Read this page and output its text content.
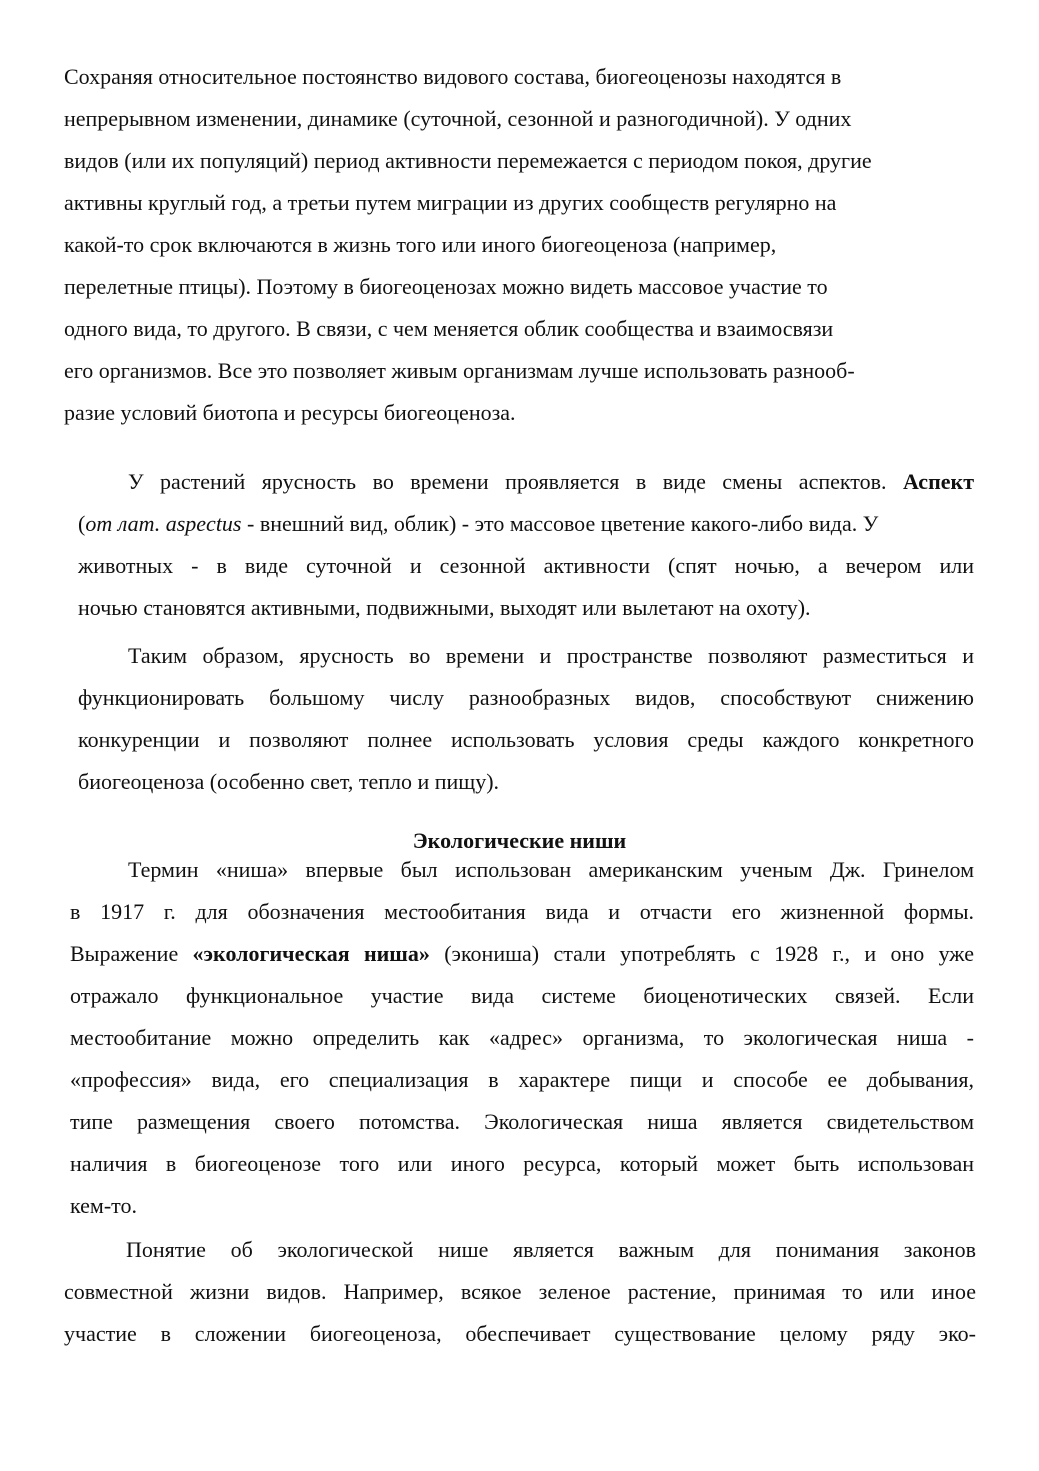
Сохраняя относительное постоянство видового состава, биогеоценозы находятся в
непрерывном изменении, динамике (суточной, сезонной и разногодичной). У одних
видов (или их популяций) период активности перемежается с периодом покоя, другие
активны круглый год, а третьи путем миграции из других сообществ регулярно на
какой-то срок включаются в жизнь того или иного биогеоценоза (например,
перелетные птицы). Поэтому в биогеоценозах можно видеть массовое участие то
одного вида, то другого. В связи, с чем меняется облик сообщества и взаимосвязи
его организмов. Все это позволяет живым организмам лучше использовать разнооб-
разие условий биотопа и ресурсы биогеоценоза.
У растений ярусность во времени проявляется в виде смены аспектов. Аспект
(от лат. aspectus - внешний вид, облик) - это массовое цветение какого-либо вида. У
животных - в виде суточной и сезонной активности (спят ночью, а вечером или
ночью становятся активными, подвижными, выходят или вылетают на охоту).
Таким образом, ярусность во времени и пространстве позволяют разместиться и
функционировать большому числу разнообразных видов, способствуют снижению
конкуренции и позволяют полнее использовать условия среды каждого конкретного
биогеоценоза (особенно свет, тепло и пищу).
Экологические ниши
Термин «ниша» впервые был использован американским ученым Дж. Гринелом
в 1917 г. для обозначения местообитания вида и отчасти его жизненной формы.
Выражение «экологическая ниша» (экониша) стали употреблять с 1928 г., и оно уже
отражало функциональное участие вида системе биоценотических связей. Если
местообитание можно определить как «адрес» организма, то экологическая ниша -
«профессия» вида, его специализация в характере пищи и способе ее добывания,
типе размещения своего потомства. Экологическая ниша является свидетельством
наличия в биогеоценозе того или иного ресурса, который может быть использован
кем-то.
Понятие об экологической нише является важным для понимания законов
совместной жизни видов. Например, всякое зеленое растение, принимая то или иное
участие в сложении биогеоценоза, обеспечивает существование целому ряду эко-
